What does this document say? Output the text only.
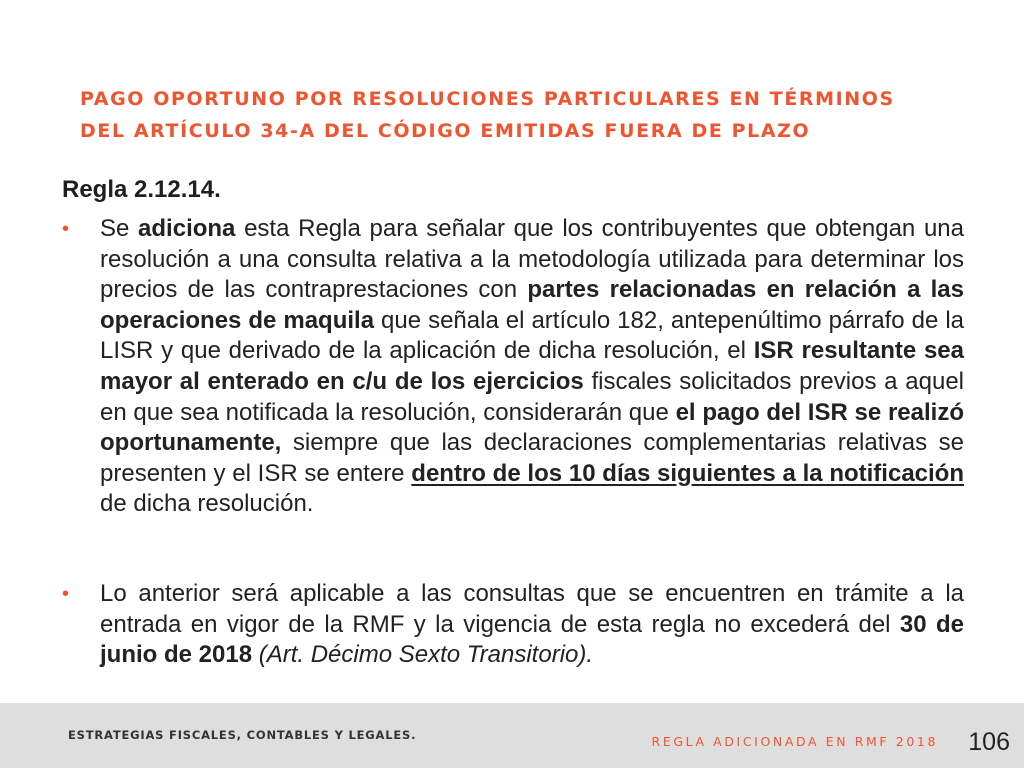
PAGO OPORTUNO POR RESOLUCIONES PARTICULARES EN TÉRMINOS
DEL ARTÍCULO 34-A DEL CÓDIGO EMITIDAS FUERA DE PLAZO
Regla 2.12.14.
•	Se adiciona esta Regla para señalar que los contribuyentes que obtengan una resolución a una consulta relativa a la metodología utilizada para determinar los precios de las contraprestaciones con partes relacionadas en relación a las operaciones de maquila que señala el artículo 182, antepenúltimo párrafo de la LISR y que derivado de la aplicación de dicha resolución, el ISR resultante sea mayor al enterado en c/u de los ejercicios fiscales solicitados previos a aquel en que sea notificada la resolución, considerarán que el pago del ISR se realizó oportunamente, siempre que las declaraciones complementarias relativas se presenten y el ISR se entere dentro de los 10 días siguientes a la notificación de dicha resolución.
•	Lo anterior será aplicable a las consultas que se encuentren en trámite a la entrada en vigor de la RMF y la vigencia de esta regla no excederá del 30 de junio de 2018 (Art. Décimo Sexto Transitorio).
ESTRATEGIAS FISCALES, CONTABLES Y LEGALES.	REGLA ADICIONADA EN RMF 2018 106
